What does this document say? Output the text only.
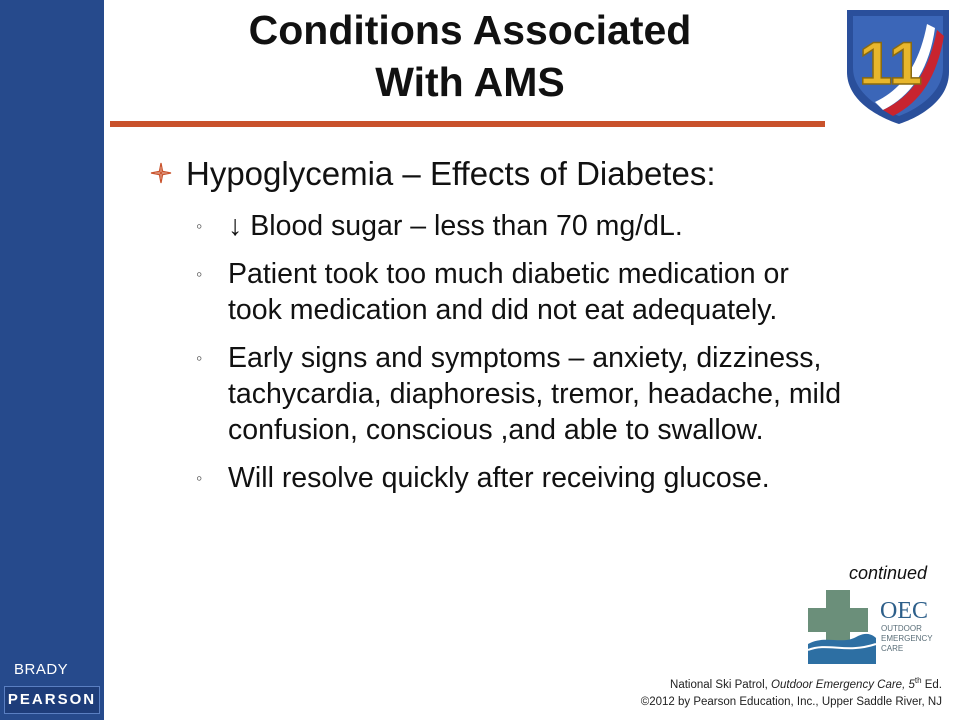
BRADY
PEARSON
Conditions Associated
With AMS	11
Hypoglycemia – Effects of Diabetes:
◦ ↓ Blood sugar – less than 70 mg/dL.
◦ Patient took too much diabetic medication or took medication and did not eat adequately.
◦ Early signs and symptoms – anxiety, dizziness, tachycardia, diaphoresis, tremor, headache, mild confusion, conscious ,and able to swallow.
◦ Will resolve quickly after receiving glucose.
continued
OEC
OUTDOOR
EMERGENCY
CARE
National Ski Patrol, Outdoor Emergency Care, 5th Ed.
©2012 by Pearson Education, Inc., Upper Saddle River, NJ
